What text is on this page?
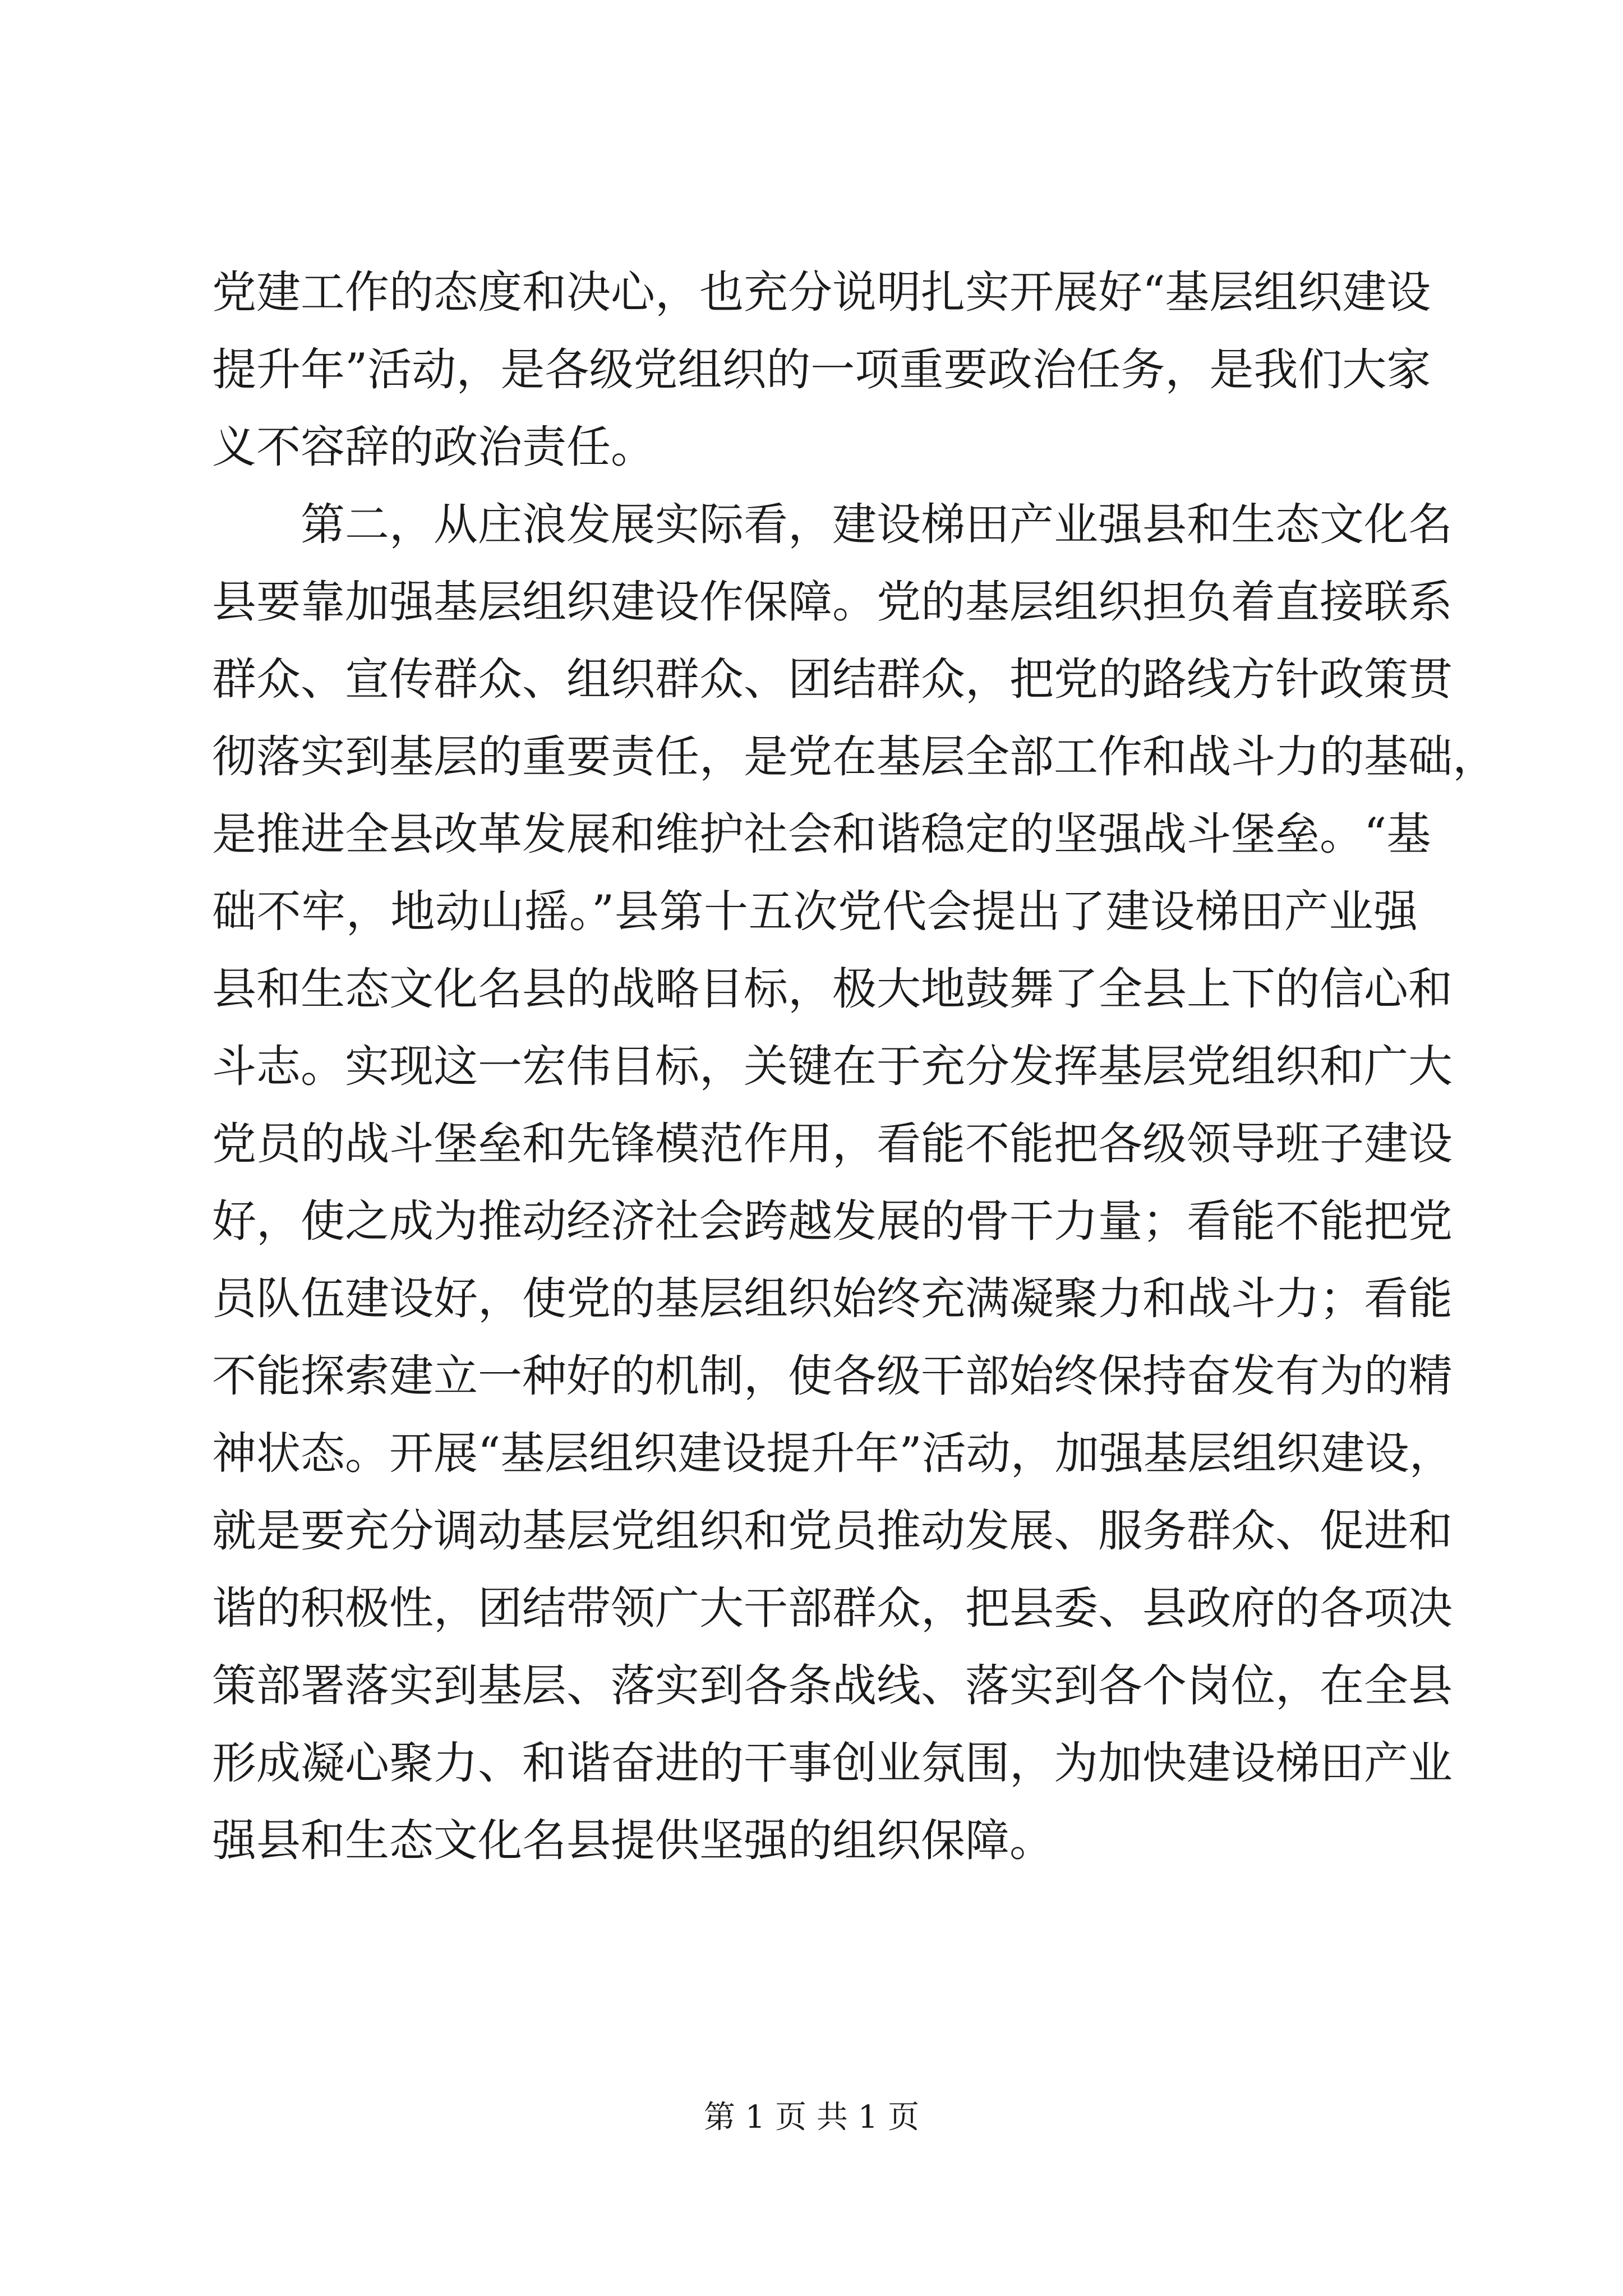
党建工作的态度和决心，也充分说明扎实开展好“基层组织建设
提升年”活动，是各级党组织的一项重要政治任务，是我们大家
义不容辞的政治责任。
　　第二，从庄浪发展实际看，建设梯田产业强县和生态文化名
县要靠加强基层组织建设作保障。党的基层组织担负着直接联系
群众、宣传群众、组织群众、团结群众，把党的路线方针政策贯
彻落实到基层的重要责任，是党在基层全部工作和战斗力的基础，
是推进全县改革发展和维护社会和谐稳定的坚强战斗堡垒。“基
础不牢，地动山摇。”县第十五次党代会提出了建设梯田产业强
县和生态文化名县的战略目标，极大地鼓舞了全县上下的信心和
斗志。实现这一宏伟目标，关键在于充分发挥基层党组织和广大
党员的战斗堡垒和先锋模范作用，看能不能把各级领导班子建设
好，使之成为推动经济社会跨越发展的骨干力量；看能不能把党
员队伍建设好，使党的基层组织始终充满凝聚力和战斗力；看能
不能探索建立一种好的机制，使各级干部始终保持奋发有为的精
神状态。开展“基层组织建设提升年”活动，加强基层组织建设，
就是要充分调动基层党组织和党员推动发展、服务群众、促进和
谐的积极性，团结带领广大干部群众，把县委、县政府的各项决
策部署落实到基层、落实到各条战线、落实到各个岗位，在全县
形成凝心聚力、和谐奋进的干事创业氛围，为加快建设梯田产业
强县和生态文化名县提供坚强的组织保障。
第 1 页 共 1 页
